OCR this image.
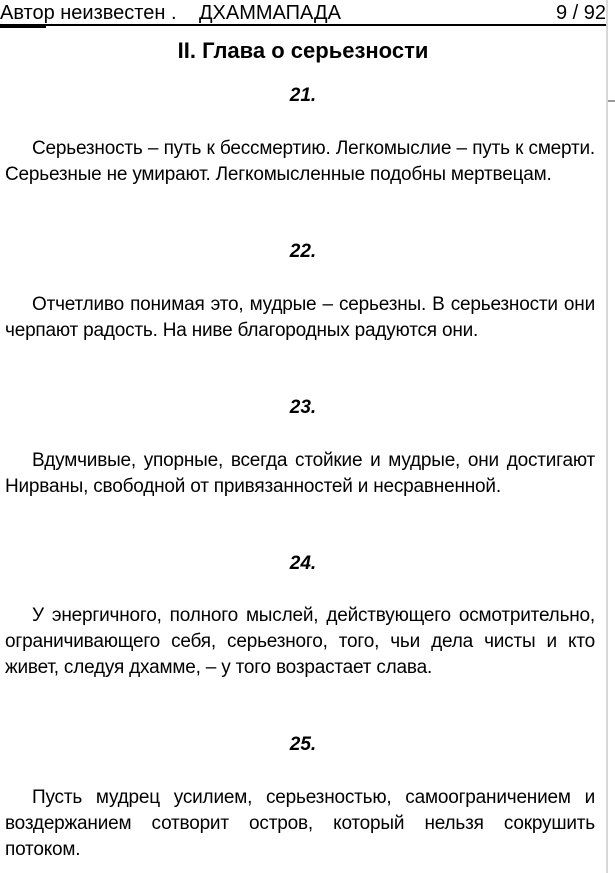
Автор неизвестен . ДХАММАПАДА	9 / 92
II. Глава о серьезности
21.
Серьезность – путь к бессмертию. Легкомыслие – путь к смерти. Серьезные не умирают. Легкомысленные подобны мертвецам.
22.
Отчетливо понимая это, мудрые – серьезны. В серьезности они черпают радость. На ниве благородных радуются они.
23.
Вдумчивые, упорные, всегда стойкие и мудрые, они достигают Нирваны, свободной от привязанностей и несравненной.
24.
У энергичного, полного мыслей, действующего осмотрительно, ограничивающего себя, серьезного, того, чьи дела чисты и кто живет, следуя дхамме, – у того возрастает слава.
25.
Пусть мудрец усилием, серьезностью, самоограничением и воздержанием сотворит остров, который нельзя сокрушить потоком.
